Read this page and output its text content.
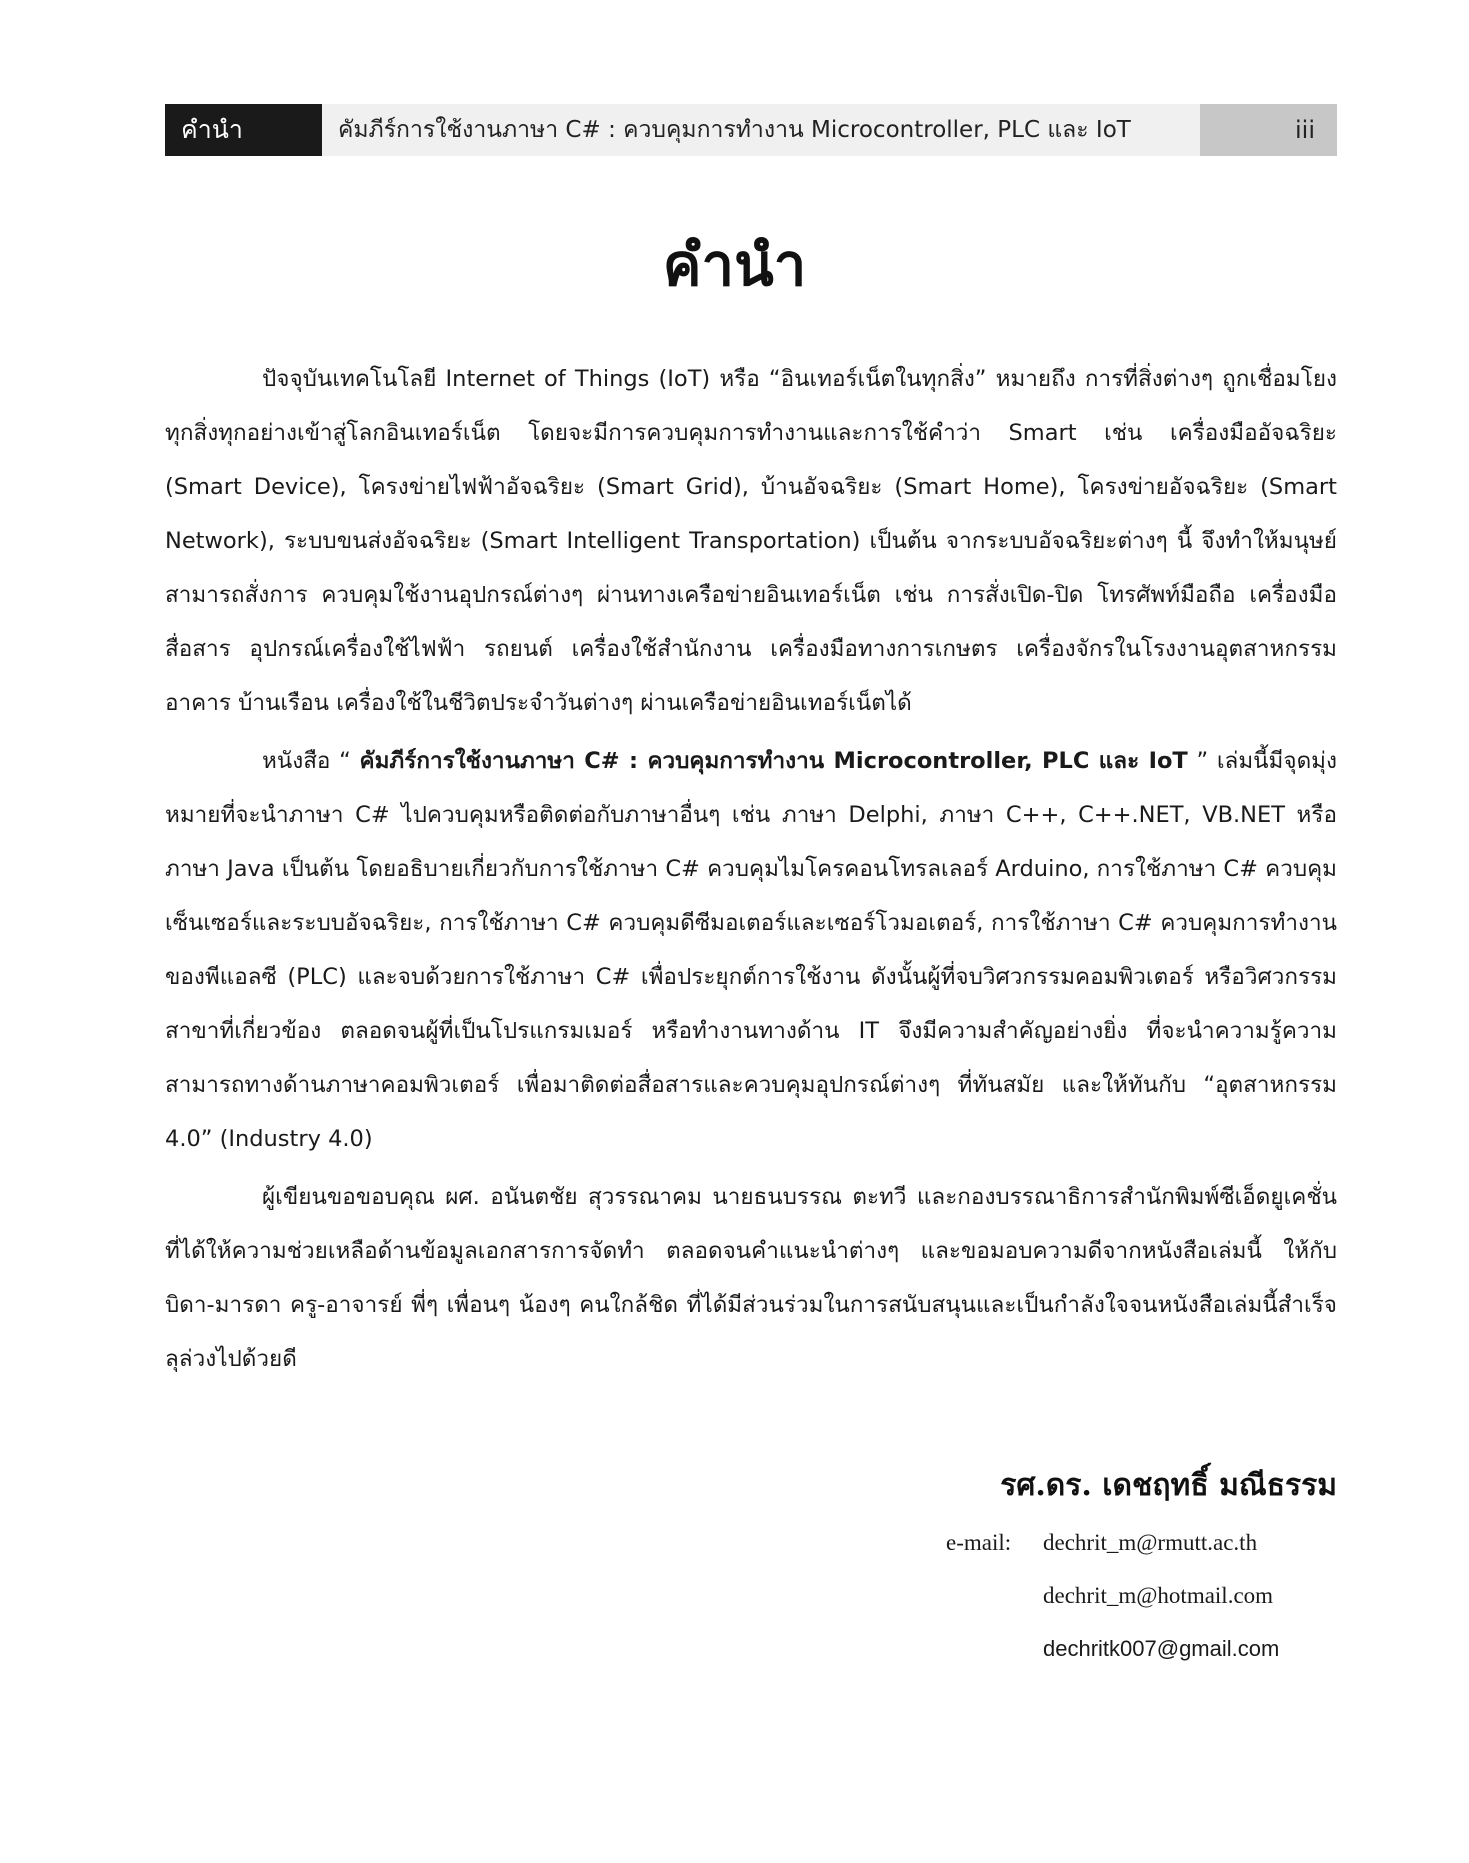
คำนำ	คัมภีร์การใช้งานภาษา C# : ควบคุมการทำงาน Microcontroller, PLC และ IoT	iii
คำนำ

ปัจจุบันเทคโนโลยี Internet of Things (IoT) หรือ “อินเทอร์เน็ตในทุกสิ่ง” หมายถึง การที่สิ่งต่างๆ ถูกเชื่อมโยงทุกสิ่งทุกอย่างเข้าสู่โลกอินเทอร์เน็ต โดยจะมีการควบคุมการทำงานและการใช้คำว่า Smart เช่น เครื่องมืออัจฉริยะ (Smart Device), โครงข่ายไฟฟ้าอัจฉริยะ (Smart Grid), บ้านอัจฉริยะ (Smart Home), โครงข่ายอัจฉริยะ (Smart Network), ระบบขนส่งอัจฉริยะ (Smart Intelligent Transportation) เป็นต้น จากระบบอัจฉริยะต่างๆ นี้ จึงทำให้มนุษย์สามารถสั่งการ ควบคุมใช้งานอุปกรณ์ต่างๆ ผ่านทางเครือข่ายอินเทอร์เน็ต เช่น การสั่งเปิด-ปิด โทรศัพท์มือถือ เครื่องมือสื่อสาร อุปกรณ์เครื่องใช้ไฟฟ้า รถยนต์ เครื่องใช้สำนักงาน เครื่องมือทางการเกษตร เครื่องจักรในโรงงานอุตสาหกรรม อาคาร บ้านเรือน เครื่องใช้ในชีวิตประจำวันต่างๆ ผ่านเครือข่ายอินเทอร์เน็ตได้

หนังสือ “ คัมภีร์การใช้งานภาษา C# : ควบคุมการทำงาน Microcontroller, PLC และ IoT ” เล่มนี้มีจุดมุ่งหมายที่จะนำภาษา C# ไปควบคุมหรือติดต่อกับภาษาอื่นๆ เช่น ภาษา Delphi, ภาษา C++, C++.NET, VB.NET หรือ ภาษา Java เป็นต้น โดยอธิบายเกี่ยวกับการใช้ภาษา C# ควบคุมไมโครคอนโทรลเลอร์ Arduino, การใช้ภาษา C# ควบคุมเซ็นเซอร์และระบบอัจฉริยะ, การใช้ภาษา C# ควบคุมดีซีมอเตอร์และเซอร์โวมอเตอร์, การใช้ภาษา C# ควบคุมการทำงานของพีแอลซี (PLC) และจบด้วยการใช้ภาษา C# เพื่อประยุกต์การใช้งาน ดังนั้นผู้ที่จบวิศวกรรมคอมพิวเตอร์ หรือวิศวกรรมสาขาที่เกี่ยวข้อง ตลอดจนผู้ที่เป็นโปรแกรมเมอร์ หรือทำงานทางด้าน IT จึงมีความสำคัญอย่างยิ่ง ที่จะนำความรู้ความสามารถทางด้านภาษาคอมพิวเตอร์ เพื่อมาติดต่อสื่อสารและควบคุมอุปกรณ์ต่างๆ ที่ทันสมัย และให้ทันกับ “อุตสาหกรรม 4.0” (Industry 4.0)

ผู้เขียนขอขอบคุณ ผศ. อนันตชัย สุวรรณาคม นายธนบรรณ ตะทวี และกองบรรณาธิการสำนักพิมพ์ซีเอ็ดยูเคชั่น ที่ได้ให้ความช่วยเหลือด้านข้อมูลเอกสารการจัดทำ ตลอดจนคำแนะนำต่างๆ และขอมอบความดีจากหนังสือเล่มนี้ ให้กับ บิดา-มารดา ครู-อาจารย์ พี่ๆ เพื่อนๆ น้องๆ คนใกล้ชิด ที่ได้มีส่วนร่วมในการสนับสนุนและเป็นกำลังใจจนหนังสือเล่มนี้สำเร็จลุล่วงไปด้วยดี

รศ.ดร. เดชฤทธิ์ มณีธรรม

e-mail:	dechrit_m@rmutt.ac.th
dechrit_m@hotmail.com
dechritk007@gmail.com
